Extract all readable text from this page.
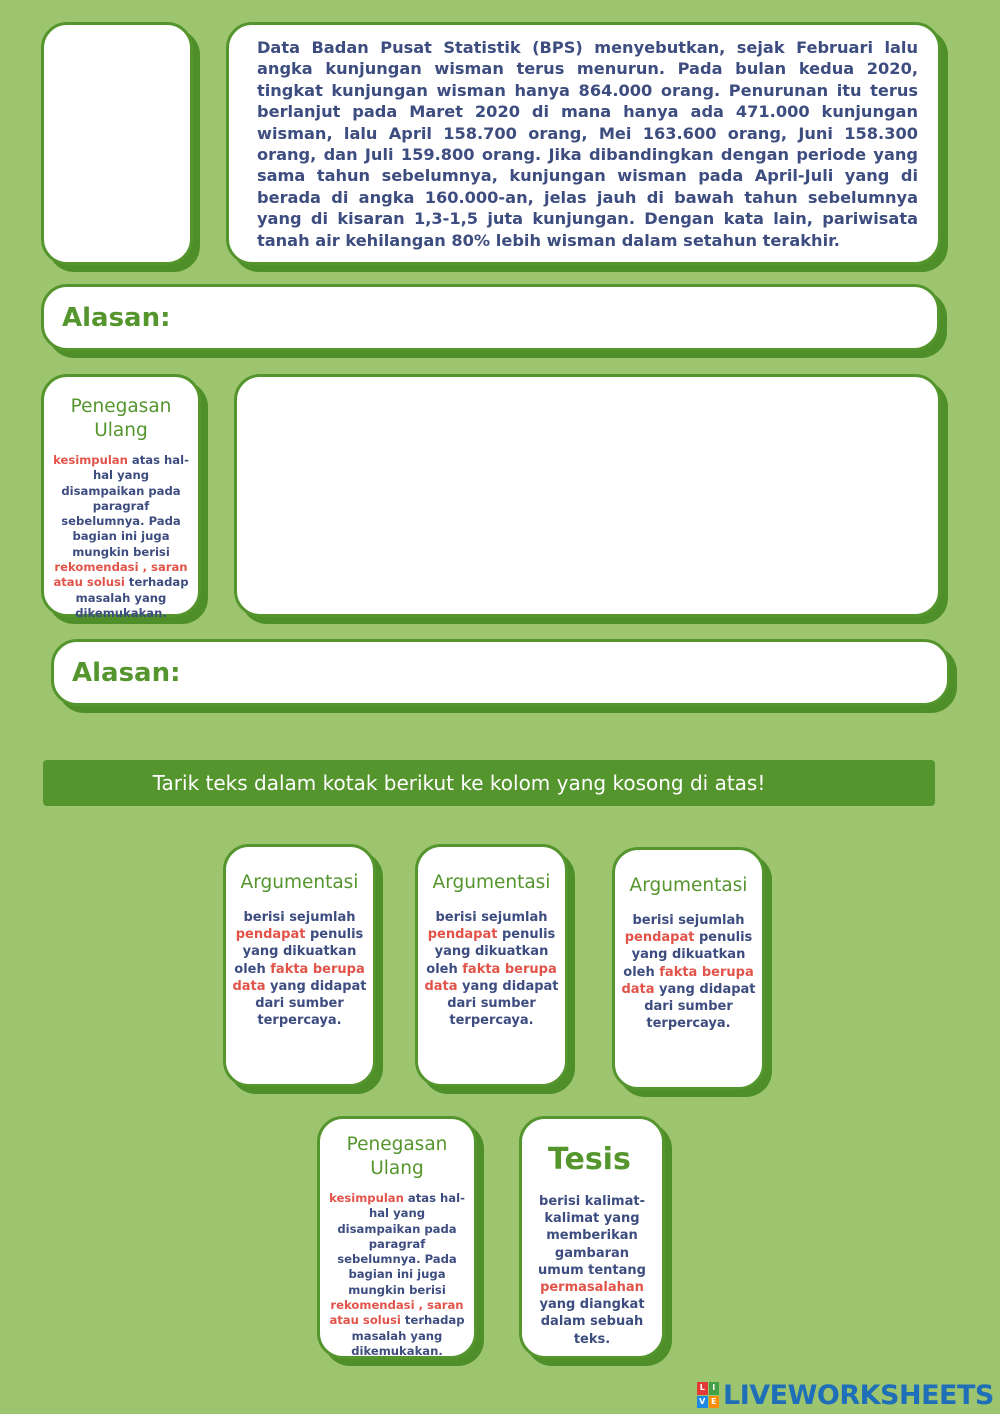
Data Badan Pusat Statistik (BPS) menyebutkan, sejak Februari lalu angka kunjungan wisman terus menurun. Pada bulan kedua 2020, tingkat kunjungan wisman hanya 864.000 orang. Penurunan itu terus berlanjut pada Maret 2020 di mana hanya ada 471.000 kunjungan wisman, lalu April 158.700 orang, Mei 163.600 orang, Juni 158.300 orang, dan Juli 159.800 orang. Jika dibandingkan dengan periode yang sama tahun sebelumnya, kunjungan wisman pada April-Juli yang di berada di angka 160.000-an, jelas jauh di bawah tahun sebelumnya yang di kisaran 1,3-1,5 juta kunjungan. Dengan kata lain, pariwisata tanah air kehilangan 80% lebih wisman dalam setahun terakhir.

Alasan:
Penegasan Ulang
kesimpulan atas hal-hal yang disampaikan pada paragraf sebelumnya. Pada bagian ini juga mungkin berisi rekomendasi , saran atau solusi terhadap masalah yang dikemukakan.
Alasan:
Tarik teks dalam kotak berikut ke kolom yang kosong di atas!
Argumentasi
berisi sejumlah pendapat penulis yang dikuatkan oleh fakta berupa data yang didapat dari sumber terpercaya.
Argumentasi
berisi sejumlah pendapat penulis yang dikuatkan oleh fakta berupa data yang didapat dari sumber terpercaya.
Argumentasi
berisi sejumlah pendapat penulis yang dikuatkan oleh fakta berupa data yang didapat dari sumber terpercaya.
Penegasan Ulang
kesimpulan atas hal-hal yang disampaikan pada paragraf sebelumnya. Pada bagian ini juga mungkin berisi rekomendasi , saran atau solusi terhadap masalah yang dikemukakan.
Tesis
berisi kalimat-kalimat yang memberikan gambaran umum tentang permasalahan yang diangkat dalam sebuah teks.
L I
V E LIVEWORKSHEETS
